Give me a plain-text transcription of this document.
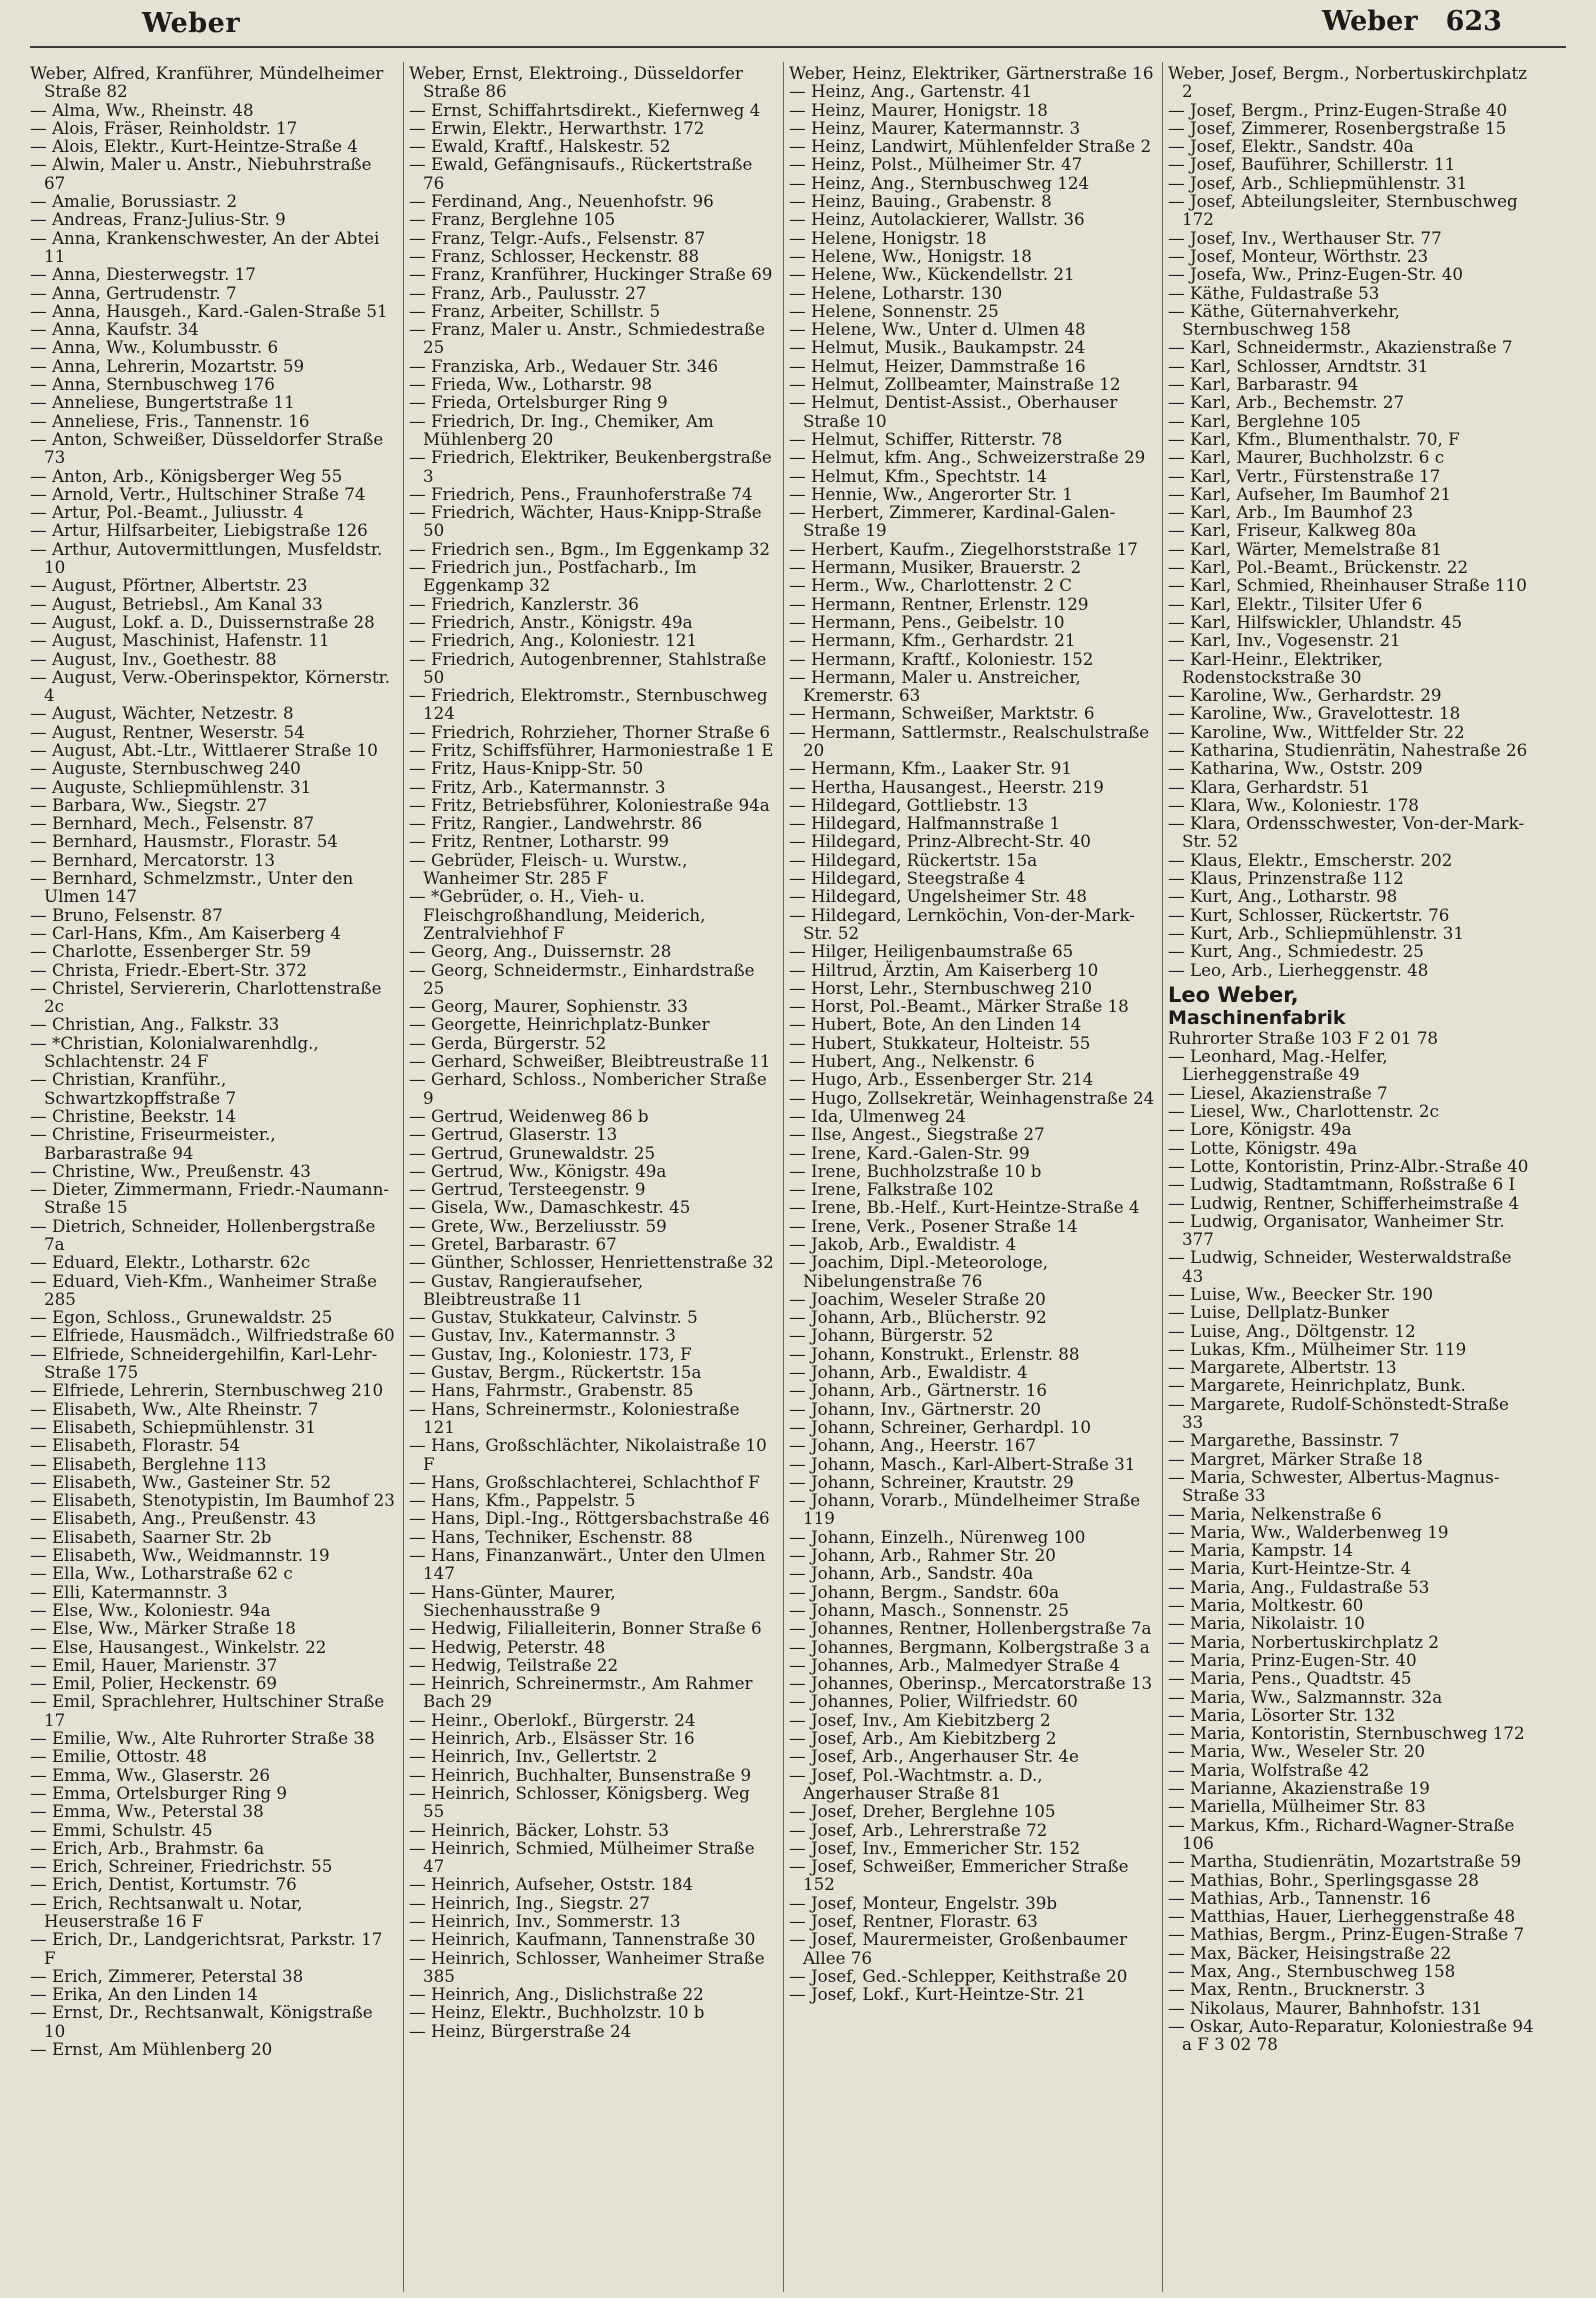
Weber	Weber 623
Weber, Alfred, Kranführer, Mündelheimer Straße 82
— Alma, Ww., Rheinstr. 48
— Alois, Fräser, Reinholdstr. 17
— Alois, Elektr., Kurt-Heintze-Straße 4
— Alwin, Maler u. Anstr., Niebuhrstraße 67
— Amalie, Borussiastr. 2
— Andreas, Franz-Julius-Str. 9
— Anna, Krankenschwester, An der Abtei 11
— Anna, Diesterwegstr. 17
— Anna, Gertrudenstr. 7
— Anna, Hausgeh., Kard.-Galen-Straße 51
— Anna, Kaufstr. 34
— Anna, Ww., Kolumbusstr. 6
— Anna, Lehrerin, Mozartstr. 59
— Anna, Sternbuschweg 176
— Anneliese, Bungertstraße 11
— Anneliese, Fris., Tannenstr. 16
— Anton, Schweißer, Düsseldorfer Straße 73
— Anton, Arb., Königsberger Weg 55
— Arnold, Vertr., Hultschiner Straße 74
— Artur, Pol.-Beamt., Juliusstr. 4
— Artur, Hilfsarbeiter, Liebigstraße 126
— Arthur, Autovermittlungen, Musfeldstr. 10
— August, Pförtner, Albertstr. 23
— August, Betriebsl., Am Kanal 33
— August, Lokf. a. D., Duissernstraße 28
— August, Maschinist, Hafenstr. 11
— August, Inv., Goethestr. 88
— August, Verw.-Oberinspektor, Körnerstr. 4
— August, Wächter, Netzestr. 8
— August, Rentner, Weserstr. 54
— August, Abt.-Ltr., Wittlaerer Straße 10
— Auguste, Sternbuschweg 240
— Auguste, Schliepmühlenstr. 31
— Barbara, Ww., Siegstr. 27
— Bernhard, Mech., Felsenstr. 87
— Bernhard, Hausmstr., Florastr. 54
— Bernhard, Mercatorstr. 13
— Bernhard, Schmelzmstr., Unter den Ulmen 147
— Bruno, Felsenstr. 87
— Carl-Hans, Kfm., Am Kaiserberg 4
— Charlotte, Essenberger Str. 59
— Christa, Friedr.-Ebert-Str. 372
— Christel, Serviererin, Charlottenstraße 2c
— Christian, Ang., Falkstr. 33
— *Christian, Kolonialwarenhdlg., Schlachtenstr. 24 F
— Christian, Kranführ., Schwartzkopffstraße 7
— Christine, Beekstr. 14
— Christine, Friseurmeister., Barbarastraße 94
— Christine, Ww., Preußenstr. 43
— Dieter, Zimmermann, Friedr.-Naumann-Straße 15
— Dietrich, Schneider, Hollenbergstraße 7a
— Eduard, Elektr., Lotharstr. 62c
— Eduard, Vieh-Kfm., Wanheimer Straße 285
— Egon, Schloss., Grunewaldstr. 25
— Elfriede, Hausmädch., Wilfriedstraße 60
— Elfriede, Schneidergehilfin, Karl-Lehr-Straße 175
— Elfriede, Lehrerin, Sternbuschweg 210
— Elisabeth, Ww., Alte Rheinstr. 7
— Elisabeth, Schiepmühlenstr. 31
— Elisabeth, Florastr. 54
— Elisabeth, Berglehne 113
— Elisabeth, Ww., Gasteiner Str. 52
— Elisabeth, Stenotypistin, Im Baumhof 23
— Elisabeth, Ang., Preußenstr. 43
— Elisabeth, Saarner Str. 2b
— Elisabeth, Ww., Weidmannstr. 19
— Ella, Ww., Lotharstraße 62 c
— Elli, Katermannstr. 3
— Else, Ww., Koloniestr. 94a
— Else, Ww., Märker Straße 18
— Else, Hausangest., Winkelstr. 22
— Emil, Hauer, Marienstr. 37
— Emil, Polier, Heckenstr. 69
— Emil, Sprachlehrer, Hultschiner Straße 17
— Emilie, Ww., Alte Ruhrorter Straße 38
— Emilie, Ottostr. 48
— Emma, Ww., Glaserstr. 26
— Emma, Ortelsburger Ring 9
— Emma, Ww., Peterstal 38
— Emmi, Schulstr. 45
— Erich, Arb., Brahmstr. 6a
— Erich, Schreiner, Friedrichstr. 55
— Erich, Dentist, Kortumstr. 76
— Erich, Rechtsanwalt u. Notar, Heuserstraße 16 F
— Erich, Dr., Landgerichtsrat, Parkstr. 17 F
— Erich, Zimmerer, Peterstal 38
— Erika, An den Linden 14
— Ernst, Dr., Rechtsanwalt, Königstraße 10
— Ernst, Am Mühlenberg 20
Weber, Ernst, Elektroing., Düsseldorfer Straße 86
— Ernst, Schiffahrtsdirekt., Kiefernweg 4
— Erwin, Elektr., Herwarthstr. 172
— Ewald, Kraftf., Halskestr. 52
— Ewald, Gefängnisaufs., Rückertstraße 76
— Ferdinand, Ang., Neuenhofstr. 96
— Franz, Berglehne 105
— Franz, Telgr.-Aufs., Felsenstr. 87
— Franz, Schlosser, Heckenstr. 88
— Franz, Kranführer, Huckinger Straße 69
— Franz, Arb., Paulusstr. 27
— Franz, Arbeiter, Schillstr. 5
— Franz, Maler u. Anstr., Schmiedestraße 25
— Franziska, Arb., Wedauer Str. 346
— Frieda, Ww., Lotharstr. 98
— Frieda, Ortelsburger Ring 9
— Friedrich, Dr. Ing., Chemiker, Am Mühlenberg 20
— Friedrich, Elektriker, Beukenbergstraße 3
— Friedrich, Pens., Fraunhoferstraße 74
— Friedrich, Wächter, Haus-Knipp-Straße 50
— Friedrich sen., Bgm., Im Eggenkamp 32
— Friedrich jun., Postfacharb., Im Eggenkamp 32
— Friedrich, Kanzlerstr. 36
— Friedrich, Anstr., Königstr. 49a
— Friedrich, Ang., Koloniestr. 121
— Friedrich, Autogenbrenner, Stahlstraße 50
— Friedrich, Elektromstr., Sternbuschweg 124
— Friedrich, Rohrzieher, Thorner Straße 6
— Fritz, Schiffsführer, Harmoniestraße 1 E
— Fritz, Haus-Knipp-Str. 50
— Fritz, Arb., Katermannstr. 3
— Fritz, Betriebsführer, Koloniestraße 94a
— Fritz, Rangier., Landwehrstr. 86
— Fritz, Rentner, Lotharstr. 99
— Gebrüder, Fleisch- u. Wurstw., Wanheimer Str. 285 F
— *Gebrüder, o. H., Vieh- u. Fleischgroßhandlung, Meiderich, Zentralviehhof F
— Georg, Ang., Duissernstr. 28
— Georg, Schneidermstr., Einhardstraße 25
— Georg, Maurer, Sophienstr. 33
— Georgette, Heinrichplatz-Bunker
— Gerda, Bürgerstr. 52
— Gerhard, Schweißer, Bleibtreustraße 11
— Gerhard, Schloss., Nombericher Straße 9
— Gertrud, Weidenweg 86 b
— Gertrud, Glaserstr. 13
— Gertrud, Grunewaldstr. 25
— Gertrud, Ww., Königstr. 49a
— Gertrud, Tersteegenstr. 9
— Gisela, Ww., Damaschkestr. 45
— Grete, Ww., Berzeliusstr. 59
— Gretel, Barbarastr. 67
— Günther, Schlosser, Henriettenstraße 32
— Gustav, Rangieraufseher, Bleibtreustraße 11
— Gustav, Stukkateur, Calvinstr. 5
— Gustav, Inv., Katermannstr. 3
— Gustav, Ing., Koloniestr. 173, F
— Gustav, Bergm., Rückertstr. 15a
— Hans, Fahrmstr., Grabenstr. 85
— Hans, Schreinermstr., Koloniestraße 121
— Hans, Großschlächter, Nikolaistraße 10 F
— Hans, Großschlachterei, Schlachthof F
— Hans, Kfm., Pappelstr. 5
— Hans, Dipl.-Ing., Röttgersbachstraße 46
— Hans, Techniker, Eschenstr. 88
— Hans, Finanzanwärt., Unter den Ulmen 147
— Hans-Günter, Maurer, Siechenhausstraße 9
— Hedwig, Filialleiterin, Bonner Straße 6
— Hedwig, Peterstr. 48
— Hedwig, Teilstraße 22
— Heinrich, Schreinermstr., Am Rahmer Bach 29
— Heinr., Oberlokf., Bürgerstr. 24
— Heinrich, Arb., Elsässer Str. 16
— Heinrich, Inv., Gellertstr. 2
— Heinrich, Buchhalter, Bunsenstraße 9
— Heinrich, Schlosser, Königsberg. Weg 55
— Heinrich, Bäcker, Lohstr. 53
— Heinrich, Schmied, Mülheimer Straße 47
— Heinrich, Aufseher, Oststr. 184
— Heinrich, Ing., Siegstr. 27
— Heinrich, Inv., Sommerstr. 13
— Heinrich, Kaufmann, Tannenstraße 30
— Heinrich, Schlosser, Wanheimer Straße 385
— Heinrich, Ang., Dislichstraße 22
— Heinz, Elektr., Buchholzstr. 10 b
— Heinz, Bürgerstraße 24
Weber, Heinz, Elektriker, Gärtnerstraße 16
— Heinz, Ang., Gartenstr. 41
— Heinz, Maurer, Honigstr. 18
— Heinz, Maurer, Katermannstr. 3
— Heinz, Landwirt, Mühlenfelder Straße 2
— Heinz, Polst., Mülheimer Str. 47
— Heinz, Ang., Sternbuschweg 124
— Heinz, Bauing., Grabenstr. 8
— Heinz, Autolackierer, Wallstr. 36
— Helene, Honigstr. 18
— Helene, Ww., Honigstr. 18
— Helene, Ww., Kückendellstr. 21
— Helene, Lotharstr. 130
— Helene, Sonnenstr. 25
— Helene, Ww., Unter d. Ulmen 48
— Helmut, Musik., Baukampstr. 24
— Helmut, Heizer, Dammstraße 16
— Helmut, Zollbeamter, Mainstraße 12
— Helmut, Dentist-Assist., Oberhauser Straße 10
— Helmut, Schiffer, Ritterstr. 78
— Helmut, kfm. Ang., Schweizerstraße 29
— Helmut, Kfm., Spechtstr. 14
— Hennie, Ww., Angerorter Str. 1
— Herbert, Zimmerer, Kardinal-Galen-Straße 19
— Herbert, Kaufm., Ziegelhorststraße 17
— Hermann, Musiker, Brauerstr. 2
— Herm., Ww., Charlottenstr. 2 C
— Hermann, Rentner, Erlenstr. 129
— Hermann, Pens., Geibelstr. 10
— Hermann, Kfm., Gerhardstr. 21
— Hermann, Kraftf., Koloniestr. 152
— Hermann, Maler u. Anstreicher, Kremerstr. 63
— Hermann, Schweißer, Marktstr. 6
— Hermann, Sattlermstr., Realschulstraße 20
— Hermann, Kfm., Laaker Str. 91
— Hertha, Hausangest., Heerstr. 219
— Hildegard, Gottliebstr. 13
— Hildegard, Halfmannstraße 1
— Hildegard, Prinz-Albrecht-Str. 40
— Hildegard, Rückertstr. 15a
— Hildegard, Steegstraße 4
— Hildegard, Ungelsheimer Str. 48
— Hildegard, Lernköchin, Von-der-Mark-Str. 52
— Hilger, Heiligenbaumstraße 65
— Hiltrud, Ärztin, Am Kaiserberg 10
— Horst, Lehr., Sternbuschweg 210
— Horst, Pol.-Beamt., Märker Straße 18
— Hubert, Bote, An den Linden 14
— Hubert, Stukkateur, Holteistr. 55
— Hubert, Ang., Nelkenstr. 6
— Hugo, Arb., Essenberger Str. 214
— Hugo, Zollsekretär, Weinhagenstraße 24
— Ida, Ulmenweg 24
— Ilse, Angest., Siegstraße 27
— Irene, Kard.-Galen-Str. 99
— Irene, Buchholzstraße 10 b
— Irene, Falkstraße 102
— Irene, Bb.-Helf., Kurt-Heintze-Straße 4
— Irene, Verk., Posener Straße 14
— Jakob, Arb., Ewaldistr. 4
— Joachim, Dipl.-Meteorologe, Nibelungenstraße 76
— Joachim, Weseler Straße 20
— Johann, Arb., Blücherstr. 92
— Johann, Bürgerstr. 52
— Johann, Konstrukt., Erlenstr. 88
— Johann, Arb., Ewaldistr. 4
— Johann, Arb., Gärtnerstr. 16
— Johann, Inv., Gärtnerstr. 20
— Johann, Schreiner, Gerhardpl. 10
— Johann, Ang., Heerstr. 167
— Johann, Masch., Karl-Albert-Straße 31
— Johann, Schreiner, Krautstr. 29
— Johann, Vorarb., Mündelheimer Straße 119
— Johann, Einzelh., Nürenweg 100
— Johann, Arb., Rahmer Str. 20
— Johann, Arb., Sandstr. 40a
— Johann, Bergm., Sandstr. 60a
— Johann, Masch., Sonnenstr. 25
— Johannes, Rentner, Hollenbergstraße 7a
— Johannes, Bergmann, Kolbergstraße 3 a
— Johannes, Arb., Malmedyer Straße 4
— Johannes, Oberinsp., Mercatorstraße 13
— Johannes, Polier, Wilfriedstr. 60
— Josef, Inv., Am Kiebitzberg 2
— Josef, Arb., Am Kiebitzberg 2
— Josef, Arb., Angerhauser Str. 4e
— Josef, Pol.-Wachtmstr. a. D., Angerhauser Straße 81
— Josef, Dreher, Berglehne 105
— Josef, Arb., Lehrerstraße 72
— Josef, Inv., Emmericher Str. 152
— Josef, Schweißer, Emmericher Straße 152
— Josef, Monteur, Engelstr. 39b
— Josef, Rentner, Florastr. 63
— Josef, Maurermeister, Großenbaumer Allee 76
— Josef, Ged.-Schlepper, Keithstraße 20
— Josef, Lokf., Kurt-Heintze-Str. 21
Weber, Josef, Bergm., Norbertuskirchplatz 2
— Josef, Bergm., Prinz-Eugen-Straße 40
— Josef, Zimmerer, Rosenbergstraße 15
— Josef, Elektr., Sandstr. 40a
— Josef, Bauführer, Schillerstr. 11
— Josef, Arb., Schliepmühlenstr. 31
— Josef, Abteilungsleiter, Sternbuschweg 172
— Josef, Inv., Werthauser Str. 77
— Josef, Monteur, Wörthstr. 23
— Josefa, Ww., Prinz-Eugen-Str. 40
— Käthe, Fuldastraße 53
— Käthe, Güternahverkehr, Sternbuschweg 158
— Karl, Schneidermstr., Akazienstraße 7
— Karl, Schlosser, Arndtstr. 31
— Karl, Barbarastr. 94
— Karl, Arb., Bechemstr. 27
— Karl, Berglehne 105
— Karl, Kfm., Blumenthalstr. 70, F
— Karl, Maurer, Buchholzstr. 6 c
— Karl, Vertr., Fürstenstraße 17
— Karl, Aufseher, Im Baumhof 21
— Karl, Arb., Im Baumhof 23
— Karl, Friseur, Kalkweg 80a
— Karl, Wärter, Memelstraße 81
— Karl, Pol.-Beamt., Brückenstr. 22
— Karl, Schmied, Rheinhauser Straße 110
— Karl, Elektr., Tilsiter Ufer 6
— Karl, Hilfswickler, Uhlandstr. 45
— Karl, Inv., Vogesenstr. 21
— Karl-Heinr., Elektriker, Rodenstockstraße 30
— Karoline, Ww., Gerhardstr. 29
— Karoline, Ww., Gravelottestr. 18
— Karoline, Ww., Wittfelder Str. 22
— Katharina, Studienrätin, Nahestraße 26
— Katharina, Ww., Oststr. 209
— Klara, Gerhardstr. 51
— Klara, Ww., Koloniestr. 178
— Klara, Ordensschwester, Von-der-Mark-Str. 52
— Klaus, Elektr., Emscherstr. 202
— Klaus, Prinzenstraße 112
— Kurt, Ang., Lotharstr. 98
— Kurt, Schlosser, Rückertstr. 76
— Kurt, Arb., Schliepmühlenstr. 31
— Kurt, Ang., Schmiedestr. 25
— Leo, Arb., Lierheggenstr. 48
Leo Weber,
Maschinenfabrik
Ruhrorter Straße 103 F 2 01 78
— Leonhard, Mag.-Helfer, Lierheggenstraße 49
— Liesel, Akazienstraße 7
— Liesel, Ww., Charlottenstr. 2c
— Lore, Königstr. 49a
— Lotte, Königstr. 49a
— Lotte, Kontoristin, Prinz-Albr.-Straße 40
— Ludwig, Stadtamtmann, Roßstraße 6 I
— Ludwig, Rentner, Schifferheimstraße 4
— Ludwig, Organisator, Wanheimer Str. 377
— Ludwig, Schneider, Westerwaldstraße 43
— Luise, Ww., Beecker Str. 190
— Luise, Dellplatz-Bunker
— Luise, Ang., Döltgenstr. 12
— Lukas, Kfm., Mülheimer Str. 119
— Margarete, Albertstr. 13
— Margarete, Heinrichplatz, Bunk.
— Margarete, Rudolf-Schönstedt-Straße 33
— Margarethe, Bassinstr. 7
— Margret, Märker Straße 18
— Maria, Schwester, Albertus-Magnus-Straße 33
— Maria, Nelkenstraße 6
— Maria, Ww., Walderbenweg 19
— Maria, Kampstr. 14
— Maria, Kurt-Heintze-Str. 4
— Maria, Ang., Fuldastraße 53
— Maria, Moltkestr. 60
— Maria, Nikolaistr. 10
— Maria, Norbertuskirchplatz 2
— Maria, Prinz-Eugen-Str. 40
— Maria, Pens., Quadtstr. 45
— Maria, Ww., Salzmannstr. 32a
— Maria, Lösorter Str. 132
— Maria, Kontoristin, Sternbuschweg 172
— Maria, Ww., Weseler Str. 20
— Maria, Wolfstraße 42
— Marianne, Akazienstraße 19
— Mariella, Mülheimer Str. 83
— Markus, Kfm., Richard-Wagner-Straße 106
— Martha, Studienrätin, Mozartstraße 59
— Mathias, Bohr., Sperlingsgasse 28
— Mathias, Arb., Tannenstr. 16
— Matthias, Hauer, Lierheggenstraße 48
— Mathias, Bergm., Prinz-Eugen-Straße 7
— Max, Bäcker, Heisingstraße 22
— Max, Ang., Sternbuschweg 158
— Max, Rentn., Brucknerstr. 3
— Nikolaus, Maurer, Bahnhofstr. 131
— Oskar, Auto-Reparatur, Koloniestraße 94 a F 3 02 78
